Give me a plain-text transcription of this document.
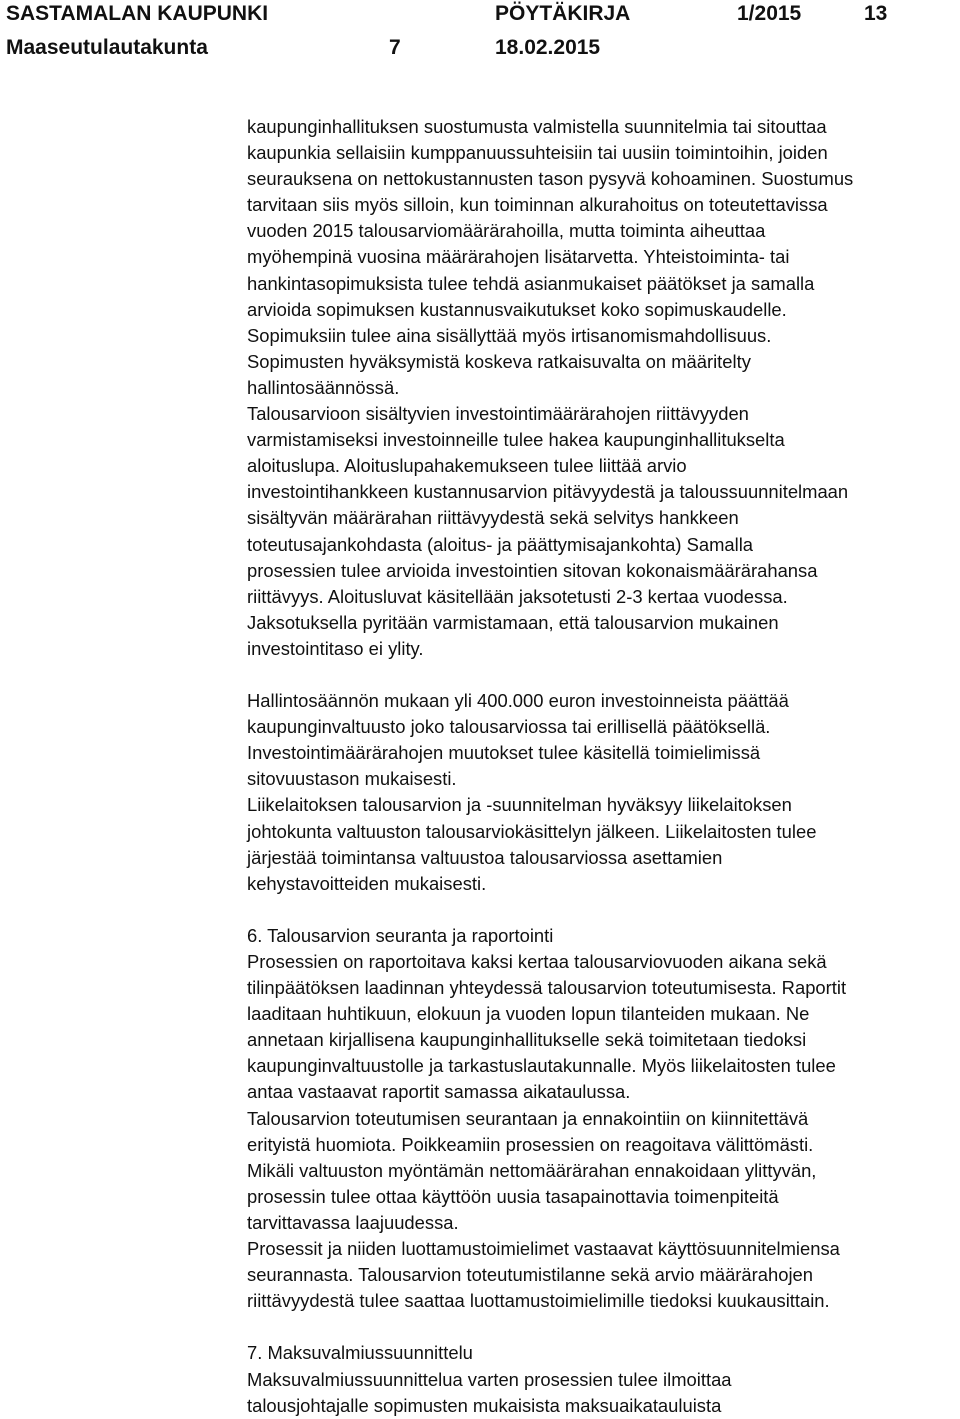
SASTAMALAN KAUPUNKI	PÖYTÄKIRJA	1/2015	13
Maaseutulautakunta	7	18.02.2015
kaupunginhallituksen suostumusta valmistella suunnitelmia tai sitouttaa
kaupunkia sellaisiin kumppanuussuhteisiin tai uusiin toimintoihin, joiden
seurauksena on nettokustannusten tason pysyvä kohoaminen. Suostumus
tarvitaan siis myös silloin, kun toiminnan alkurahoitus on toteutettavissa
vuoden 2015 talousarviomäärärahoilla, mutta toiminta aiheuttaa
myöhempinä vuosina määrärahojen lisätarvetta. Yhteistoiminta- tai
hankintasopimuksista tulee tehdä asianmukaiset päätökset ja samalla
arvioida sopimuksen kustannusvaikutukset koko sopimuskaudelle.
Sopimuksiin tulee aina sisällyttää myös irtisanomismahdollisuus.
Sopimusten hyväksymistä koskeva ratkaisuvalta on määritelty
hallintosäännössä.
Talousarvioon sisältyvien investointimäärärahojen riittävyyden
varmistamiseksi investoinneille tulee hakea kaupunginhallitukselta
aloituslupa. Aloituslupahakemukseen tulee liittää arvio
investointihankkeen kustannusarvion pitävyydestä ja taloussuunnitelmaan
sisältyvän määrärahan riittävyydestä sekä selvitys hankkeen
toteutusajankohdasta (aloitus- ja päättymisajankohta) Samalla
prosessien tulee arvioida investointien sitovan kokonaismäärärahansa
riittävyys. Aloitusluvat käsitellään jaksotetusti 2-3 kertaa vuodessa.
Jaksotuksella pyritään varmistamaan, että talousarvion mukainen
investointitaso ei ylity.
Hallintosäännön mukaan yli 400.000 euron investoinneista päättää
kaupunginvaltuusto joko talousarviossa tai erillisellä päätöksellä.
Investointimäärärahojen muutokset tulee käsitellä toimielimissä
sitovuustason mukaisesti.
Liikelaitoksen talousarvion ja -suunnitelman hyväksyy liikelaitoksen
johtokunta valtuuston talousarviokäsittelyn jälkeen. Liikelaitosten tulee
järjestää toimintansa valtuustoa talousarviossa asettamien
kehystavoitteiden mukaisesti.
6. Talousarvion seuranta ja raportointi
Prosessien on raportoitava kaksi kertaa talousarviovuoden aikana sekä
tilinpäätöksen laadinnan yhteydessä talousarvion toteutumisesta. Raportit
laaditaan huhtikuun, elokuun ja vuoden lopun tilanteiden mukaan. Ne
annetaan kirjallisena kaupunginhallitukselle sekä toimitetaan tiedoksi
kaupunginvaltuustolle ja tarkastuslautakunnalle. Myös liikelaitosten tulee
antaa vastaavat raportit samassa aikataulussa.
Talousarvion toteutumisen seurantaan ja ennakointiin on kiinnitettävä
erityistä huomiota. Poikkeamiin prosessien on reagoitava välittömästi.
Mikäli valtuuston myöntämän nettomäärärahan ennakoidaan ylittyvän,
prosessin tulee ottaa käyttöön uusia tasapainottavia toimenpiteitä
tarvittavassa laajuudessa.
Prosessit ja niiden luottamustoimielimet vastaavat käyttösuunnitelmiensa
seurannasta. Talousarvion toteutumistilanne sekä arvio määrärahojen
riittävyydestä tulee saattaa luottamustoimielimille tiedoksi kuukausittain.
7. Maksuvalmiussuunnittelu
Maksuvalmiussuunnittelua varten prosessien tulee ilmoittaa
talousjohtajalle sopimusten mukaisista maksuaikatauluista
